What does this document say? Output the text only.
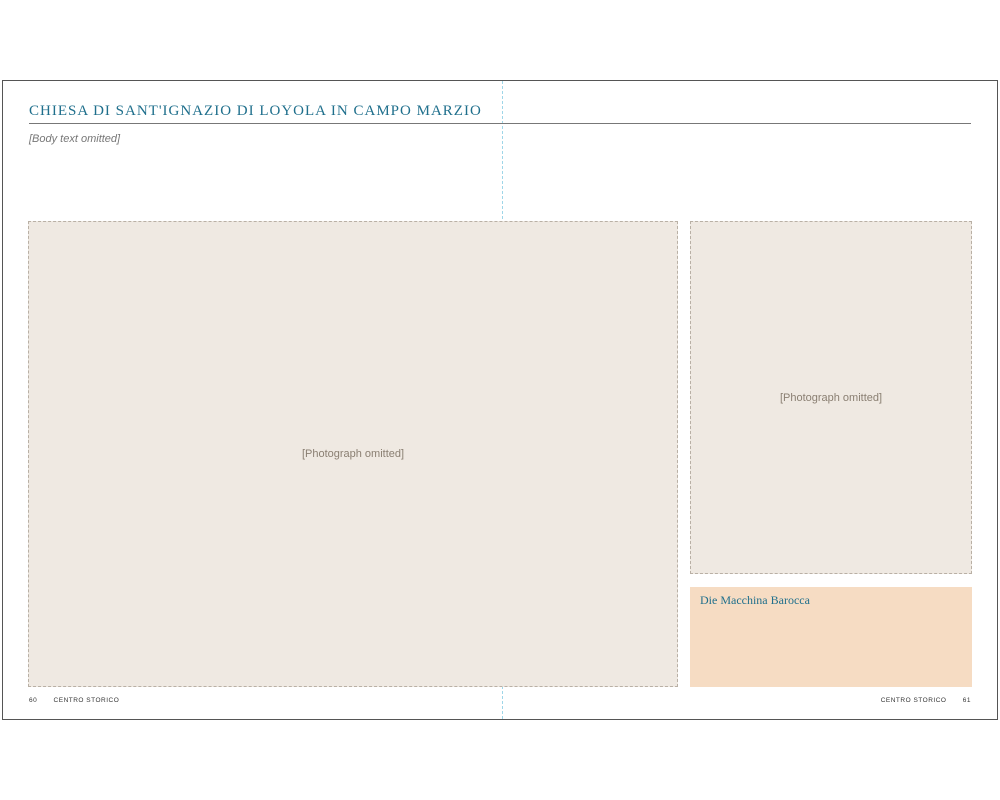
CHIESA DI SANT'IGNAZIO DI LOYOLA IN CAMPO MARZIO
[Body text omitted]
[Photograph omitted]
[Photograph omitted]
Die Macchina Barocca
60	CENTRO STORICO	CENTRO STORICO	61
